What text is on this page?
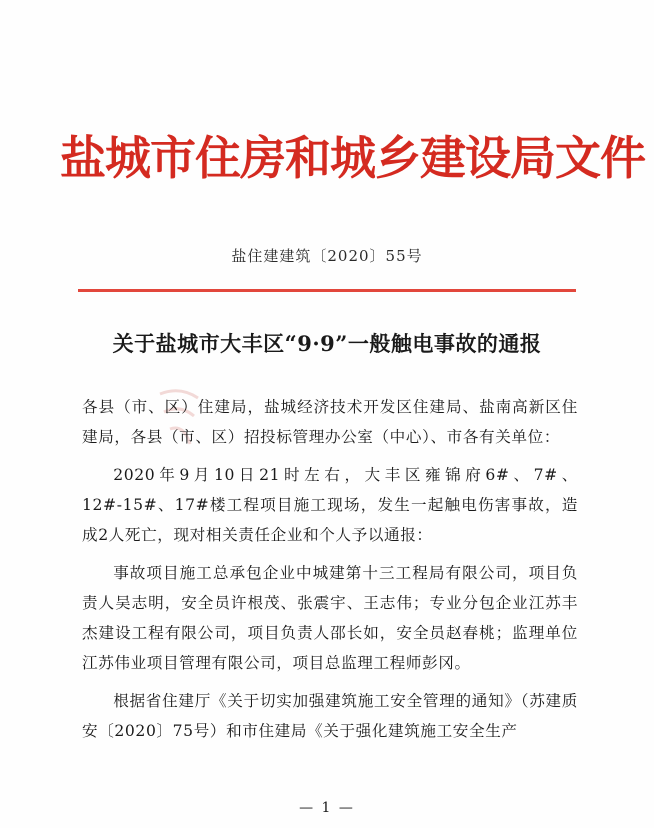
盐城市住房和城乡建设局文件
盐住建建筑〔2020〕55号
关于盐城市大丰区“9·9”一般触电事故的通报

各县（市、区）住建局，盐城经济技术开发区住建局、盐南高新区住建局，各县（市、区）招投标管理办公室（中心）、市各有关单位：

2020年9月10日21时左右，大丰区雍锦府6#、7#、12#-15#、17#楼工程项目施工现场，发生一起触电伤害事故，造成2人死亡，现对相关责任企业和个人予以通报：

事故项目施工总承包企业中城建第十三工程局有限公司，项目负责人吴志明，安全员许根茂、张震宇、王志伟；专业分包企业江苏丰杰建设工程有限公司，项目负责人邵长如，安全员赵春桃；监理单位江苏伟业项目管理有限公司，项目总监理工程师彭冈。

根据省住建厅《关于切实加强建筑施工安全管理的通知》（苏建质安〔2020〕75号）和市住建局《关于强化建筑施工安全生产

— 1 —
